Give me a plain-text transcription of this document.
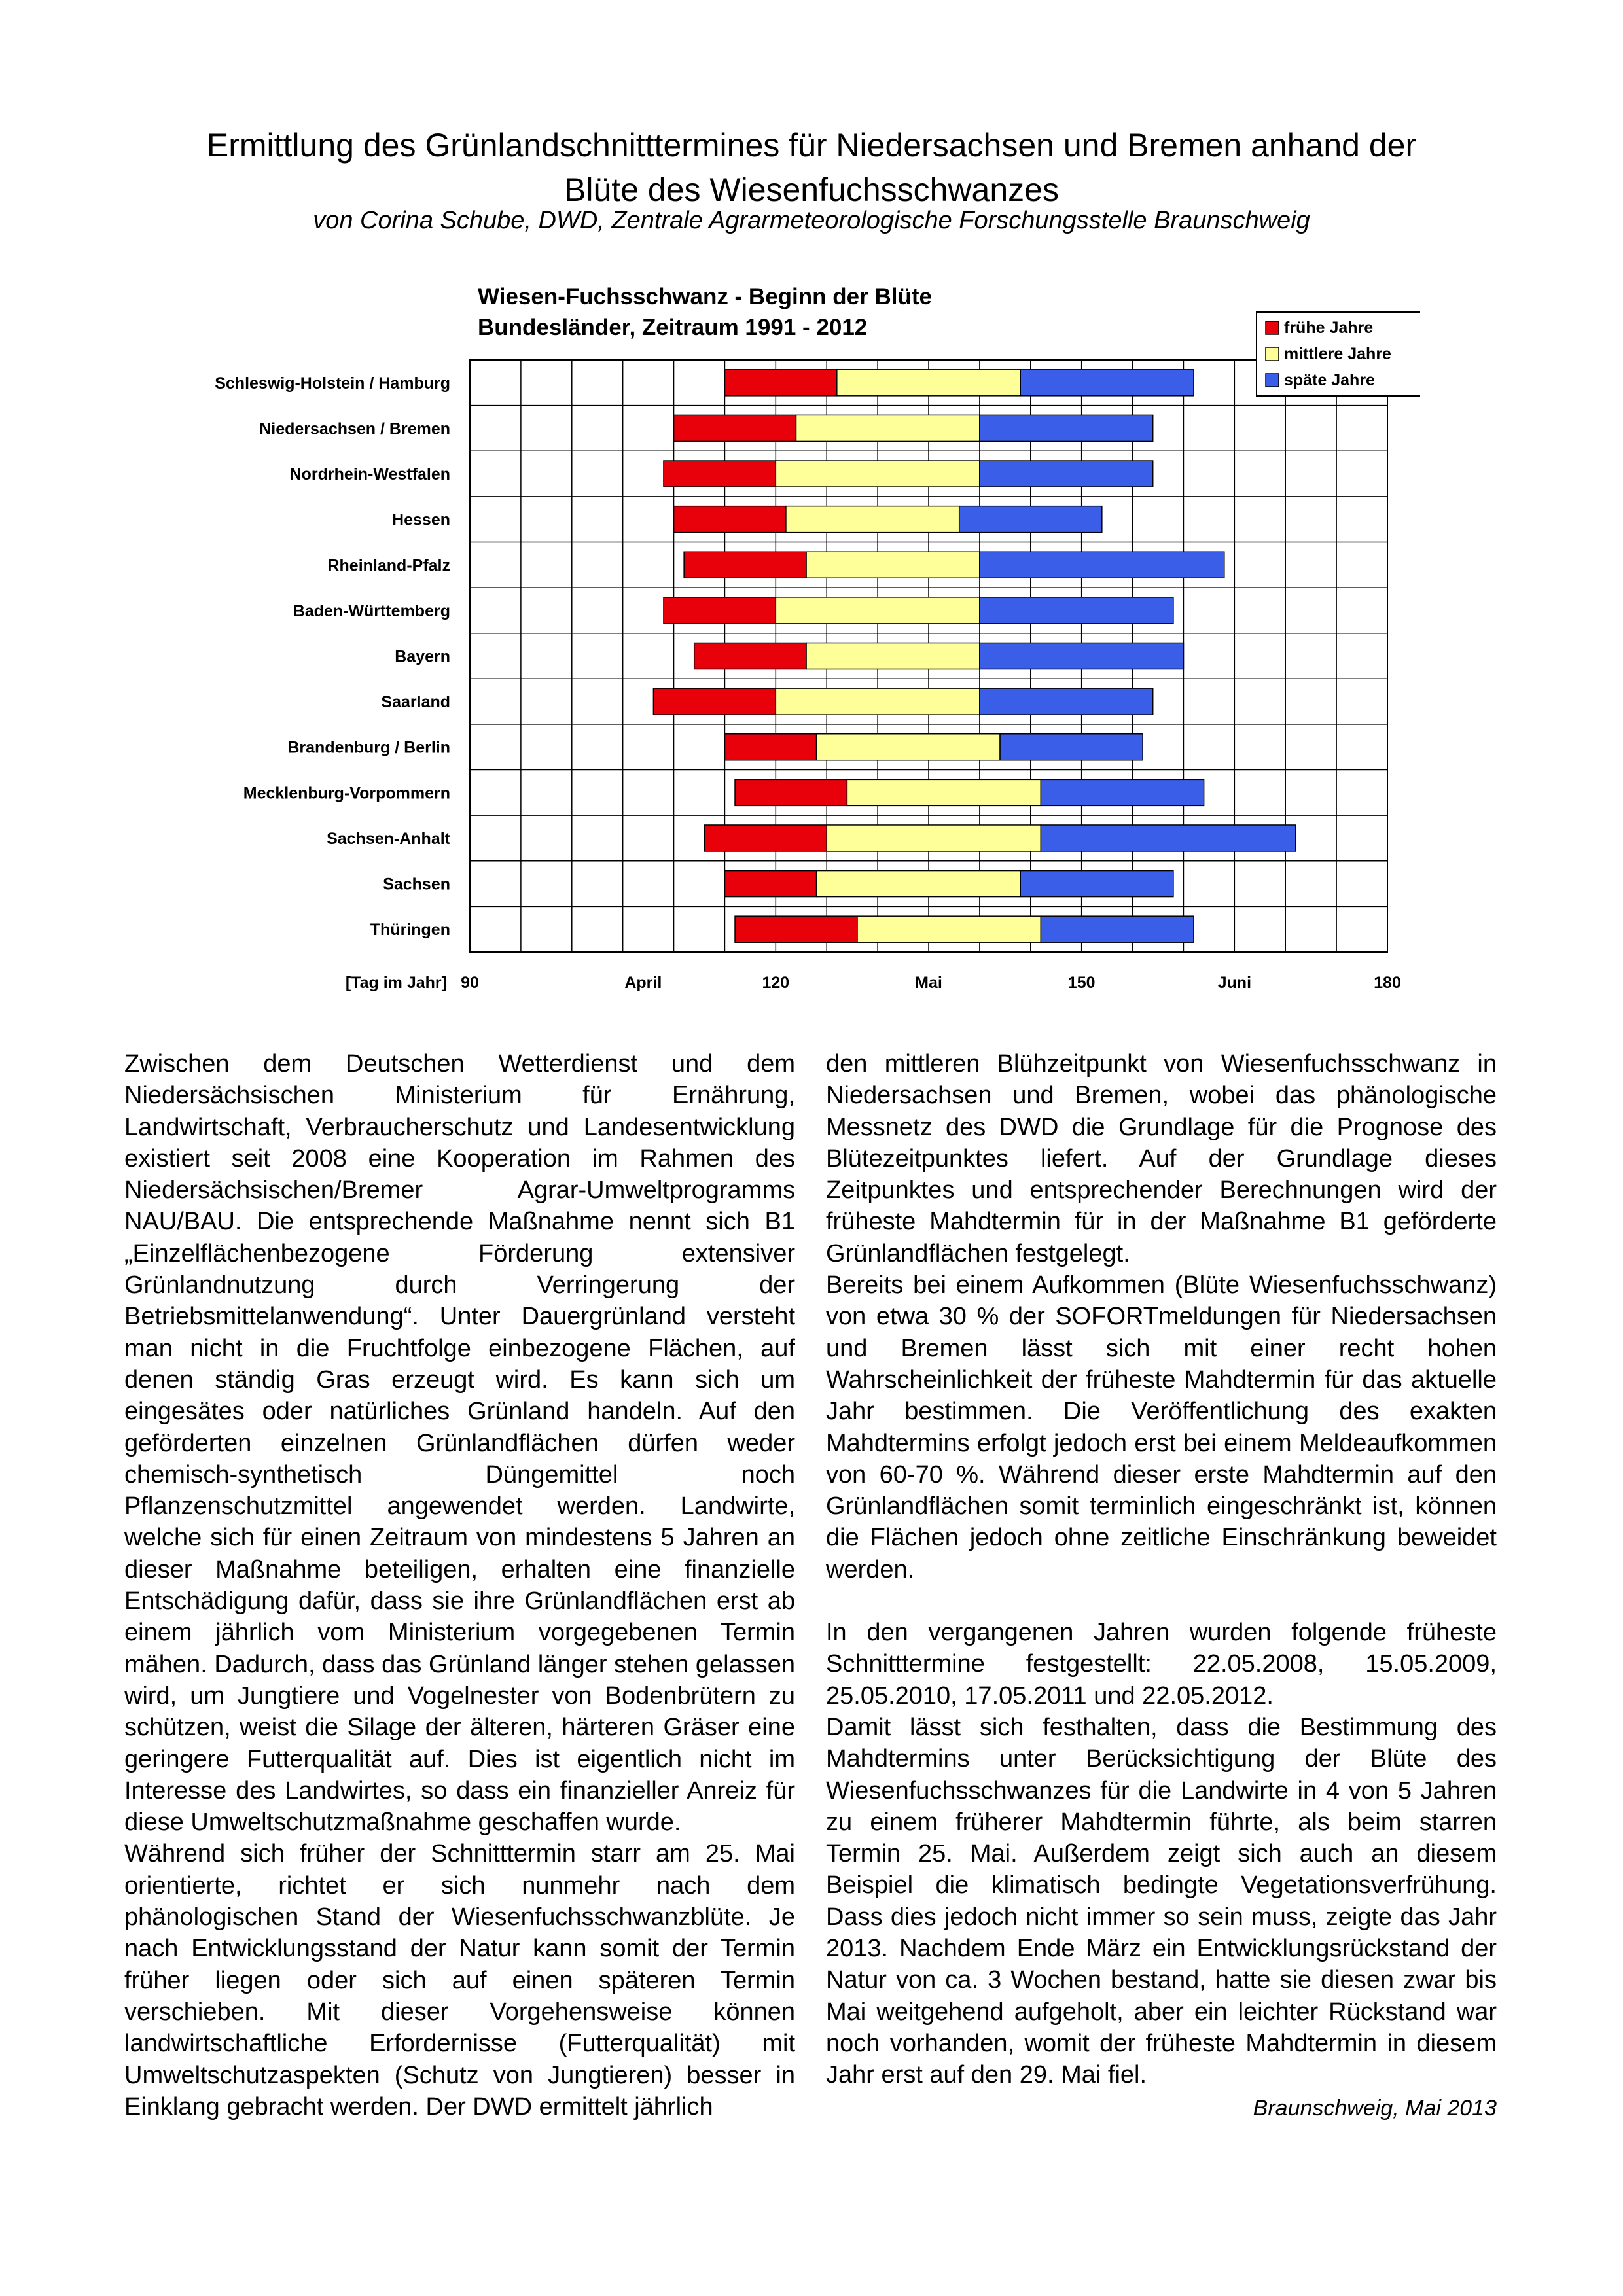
Ermittlung des Grünlandschnitttermines für Niedersachsen und Bremen anhand der
Blüte des Wiesenfuchsschwanzes
von Corina Schube, DWD, Zentrale Agrarmeteorologische Forschungsstelle Braunschweig
Wiesen-Fuchsschwanz - Beginn der Blüte
Bundesländer, Zeitraum 1991 - 2012
Schleswig-Holstein / Hamburg
Niedersachsen / Bremen
Nordrhein-Westfalen
Hessen
Rheinland-Pfalz
Baden-Württemberg
Bayern
Saarland
Brandenburg / Berlin
Mecklenburg-Vorpommern
Sachsen-Anhalt
Sachsen
Thüringen
90	April	120	Mai	150	Juni	180
[Tag im Jahr]
frühe Jahre
mittlere Jahre
späte Jahre

Zwischen dem Deutschen Wetterdienst und dem Niedersächsischen Ministerium für Ernährung, Landwirtschaft, Verbraucherschutz und Landesentwicklung existiert seit 2008 eine Kooperation im Rahmen des Niedersächsischen/Bremer Agrar-Umweltprogramms NAU/BAU. Die entsprechende Maßnahme nennt sich B1 „Einzelflächenbezogene Förderung extensiver Grünlandnutzung durch Verringerung der Betriebsmittelanwendung“. Unter Dauergrünland versteht man nicht in die Fruchtfolge einbezogene Flächen, auf denen ständig Gras erzeugt wird. Es kann sich um eingesätes oder natürliches Grünland handeln. Auf den geförderten einzelnen Grünlandflächen dürfen weder chemisch-synthetisch Düngemittel noch Pflanzenschutzmittel angewendet werden. Landwirte, welche sich für einen Zeitraum von mindestens 5 Jahren an dieser Maßnahme beteiligen, erhalten eine finanzielle Entschädigung dafür, dass sie ihre Grünlandflächen erst ab einem jährlich vom Ministerium vorgegebenen Termin mähen. Dadurch, dass das Grünland länger stehen gelassen wird, um Jungtiere und Vogelnester von Bodenbrütern zu schützen, weist die Silage der älteren, härteren Gräser eine geringere Futterqualität auf. Dies ist eigentlich nicht im Interesse des Landwirtes, so dass ein finanzieller Anreiz für diese Umweltschutzmaßnahme geschaffen wurde.

Während sich früher der Schnitttermin starr am 25. Mai orientierte, richtet er sich nunmehr nach dem phänologischen Stand der Wiesenfuchsschwanzblüte. Je nach Entwicklungsstand der Natur kann somit der Termin früher liegen oder sich auf einen späteren Termin verschieben. Mit dieser Vorgehensweise können landwirtschaftliche Erfordernisse (Futterqualität) mit Umweltschutzaspekten (Schutz von Jungtieren) besser in Einklang gebracht werden. Der DWD ermittelt jährlich

den mittleren Blühzeitpunkt von Wiesenfuchsschwanz in Niedersachsen und Bremen, wobei das phänologische Messnetz des DWD die Grundlage für die Prognose des Blütezeitpunktes liefert. Auf der Grundlage dieses Zeitpunktes und entsprechender Berechnungen wird der früheste Mahdtermin für in der Maßnahme B1 geförderte Grünlandflächen festgelegt.

Bereits bei einem Aufkommen (Blüte Wiesenfuchsschwanz) von etwa 30 % der SOFORTmeldungen für Niedersachsen und Bremen lässt sich mit einer recht hohen Wahrscheinlichkeit der früheste Mahdtermin für das aktuelle Jahr bestimmen. Die Veröffentlichung des exakten Mahdtermins erfolgt jedoch erst bei einem Meldeaufkommen von 60-70 %. Während dieser erste Mahdtermin auf den Grünlandflächen somit terminlich eingeschränkt ist, können die Flächen jedoch ohne zeitliche Einschränkung beweidet werden.

In den vergangenen Jahren wurden folgende früheste Schnitttermine festgestellt: 22.05.2008, 15.05.2009, 25.05.2010, 17.05.2011 und 22.05.2012.

Damit lässt sich festhalten, dass die Bestimmung des Mahdtermins unter Berücksichtigung der Blüte des Wiesenfuchsschwanzes für die Landwirte in 4 von 5 Jahren zu einem früherer Mahdtermin führte, als beim starren Termin 25. Mai. Außerdem zeigt sich auch an diesem Beispiel die klimatisch bedingte Vegetationsverfrühung. Dass dies jedoch nicht immer so sein muss, zeigte das Jahr 2013. Nachdem Ende März ein Entwicklungsrückstand der Natur von ca. 3 Wochen bestand, hatte sie diesen zwar bis Mai weitgehend aufgeholt, aber ein leichter Rückstand war noch vorhanden, womit der früheste Mahdtermin in diesem Jahr erst auf den 29. Mai fiel.

Braunschweig, Mai 2013
